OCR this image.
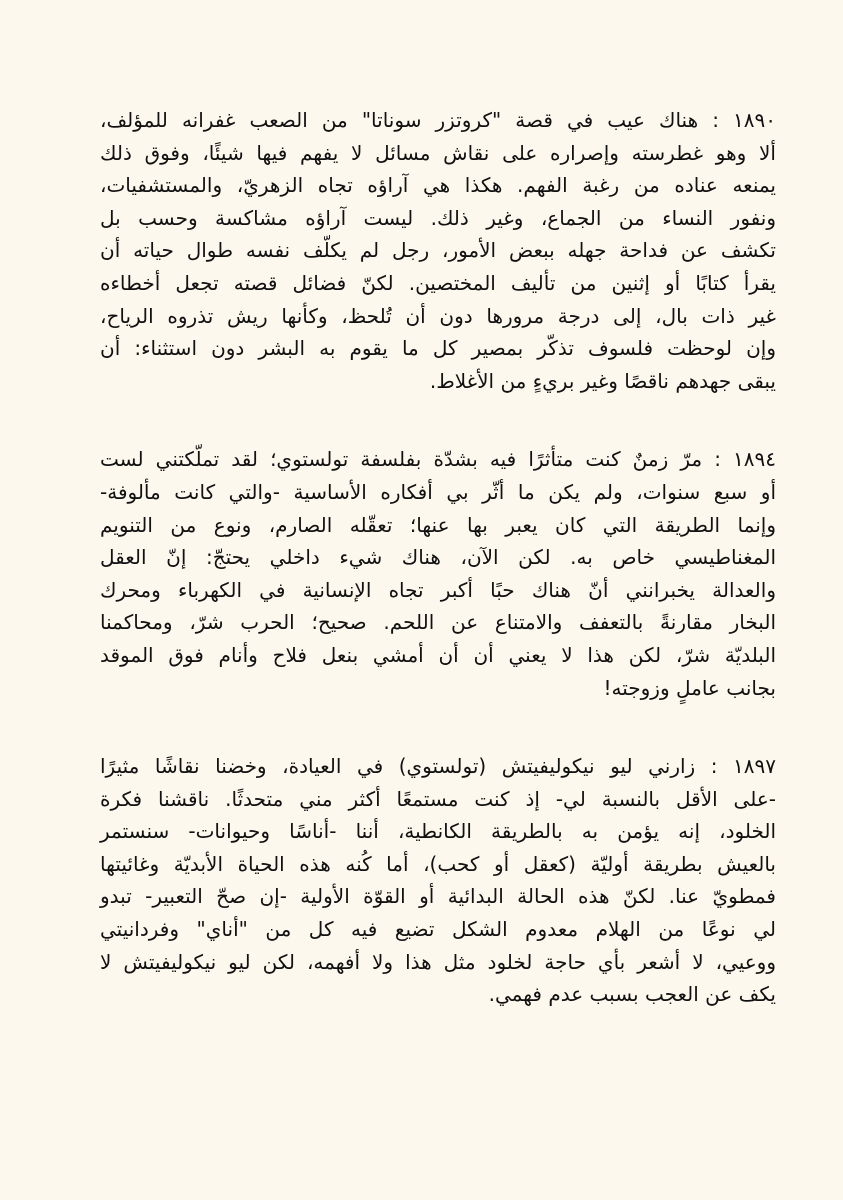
١٨٩٠ : هناك عيب في قصة "كروتزر سوناتا" من الصعب غفرانه للمؤلف،
ألا وهو غطرسته وإصراره على نقاش مسائل لا يفهم فيها شيئًا، وفوق ذلك
يمنعه عناده من رغبة الفهم. هكذا هي آراؤه تجاه الزهريّ، والمستشفيات،
ونفور النساء من الجماع، وغير ذلك. ليست آراؤه مشاكسة وحسب بل
تكشف عن فداحة جهله ببعض الأمور، رجل لم يكلّف نفسه طوال حياته أن
يقرأ كتابًا أو إثنين من تأليف المختصين. لكنّ فضائل قصته تجعل أخطاءه
غير ذات بال، إلى درجة مرورها دون أن تُلحظ، وكأنها ريش تذروه الرياح،
وإن لوحظت فلسوف تذكّر بمصير كل ما يقوم به البشر دون استثناء: أن
يبقى جهدهم ناقصًا وغير بريءٍ من الأغلاط.

١٨٩٤ : مرّ زمنٌ كنت متأثرًا فيه بشدّة بفلسفة تولستوي؛ لقد تملّكتني لست
أو سبع سنوات، ولم يكن ما أثّر بي أفكاره الأساسية -والتي كانت مألوفة-
وإنما الطريقة التي كان يعبر بها عنها؛ تعقّله الصارم، ونوع من التنويم
المغناطيسي خاص به. لكن الآن، هناك شيء داخلي يحتجّ: إنّ العقل
والعدالة يخبرانني أنّ هناك حبًا أكبر تجاه الإنسانية في الكهرباء ومحرك
البخار مقارنةً بالتعفف والامتناع عن اللحم. صحيح؛ الحرب شرّ، ومحاكمنا
البلديّة شرّ، لكن هذا لا يعني أن أن أمشي بنعل فلاح وأنام فوق الموقد
بجانب عاملٍ وزوجته!

١٨٩٧ : زارني ليو نيكوليفيتش (تولستوي) في العيادة، وخضنا نقاشًا مثيرًا
-على الأقل بالنسبة لي- إذ كنت مستمعًا أكثر مني متحدثًا. ناقشنا فكرة
الخلود، إنه يؤمن به بالطريقة الكانطية، أننا -أناسًا وحيوانات- سنستمر
بالعيش بطريقة أوليّة (كعقل أو كحب)، أما كُنه هذه الحياة الأبديّة وغائيتها
فمطويّ عنا. لكنّ هذه الحالة البدائية أو القوّة الأولية -إن صحّ التعبير- تبدو
لي نوعًا من الهلام معدوم الشكل تضيع فيه كل من "أناي" وفردانيتي
ووعيي، لا أشعر بأي حاجة لخلود مثل هذا ولا أفهمه، لكن ليو نيكوليفيتش لا
يكف عن العجب بسبب عدم فهمي.
